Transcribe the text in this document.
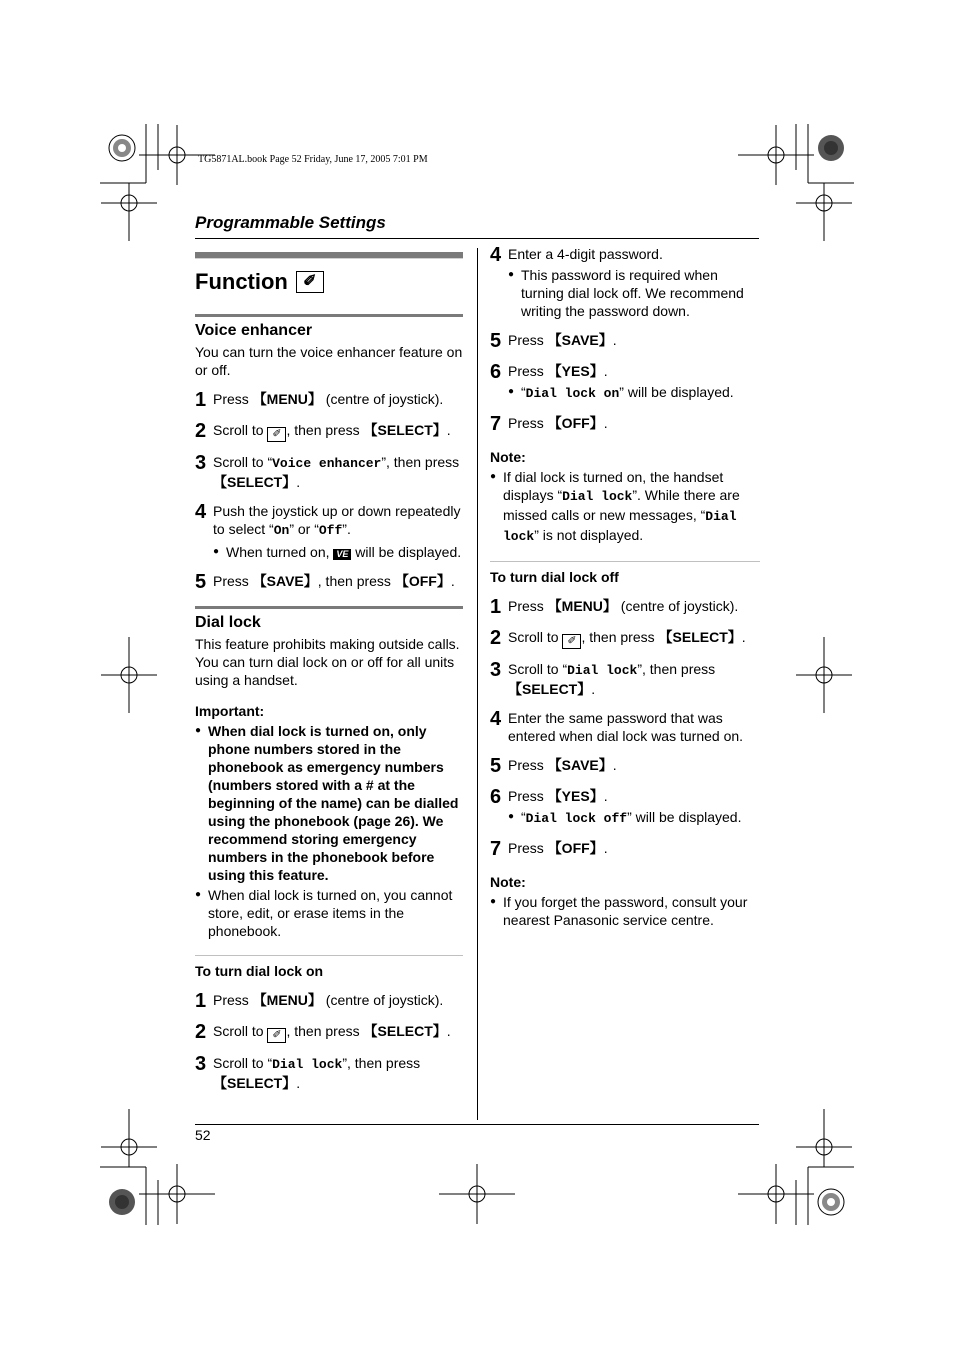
TG5871AL.book Page 52 Friday, June 17, 2005 7:01 PM
Programmable Settings
52
Function ✐
Voice enhancer

You can turn the voice enhancer feature on or off.

1 Press 【MENU】 (centre of joystick).
2 Scroll to ✐ , then press 【SELECT】.
3 Scroll to “Voice enhancer”, then press 【SELECT】.
4 Push the joystick up or down repeatedly to select “On” or “Off”.
● When turned on, VE will be displayed.
5 Press 【SAVE】, then press 【OFF】.
Dial lock

This feature prohibits making outside calls. You can turn dial lock on or off for all units using a handset.

Important:
● When dial lock is turned on, only phone numbers stored in the phonebook as emergency numbers (numbers stored with a # at the beginning of the name) can be dialled using the phonebook (page 26). We recommend storing emergency numbers in the phonebook before using this feature.
● When dial lock is turned on, you cannot store, edit, or erase items in the phonebook.
To turn dial lock on
1 Press 【MENU】 (centre of joystick).
2 Scroll to ✐ , then press 【SELECT】.
3 Scroll to “Dial lock”, then press 【SELECT】.
4 Enter a 4-digit password.
● This password is required when turning dial lock off. We recommend writing the password down.
5 Press 【SAVE】.
6 Press 【YES】.
● “Dial lock on” will be displayed.
7 Press 【OFF】.
Note:
● If dial lock is turned on, the handset displays “Dial lock”. While there are missed calls or new messages, “Dial lock” is not displayed.
To turn dial lock off
1 Press 【MENU】 (centre of joystick).
2 Scroll to ✐ , then press 【SELECT】.
3 Scroll to “Dial lock”, then press 【SELECT】.
4 Enter the same password that was entered when dial lock was turned on.
5 Press 【SAVE】.
6 Press 【YES】.
● “Dial lock off” will be displayed.
7 Press 【OFF】.
Note:
● If you forget the password, consult your nearest Panasonic service centre.
